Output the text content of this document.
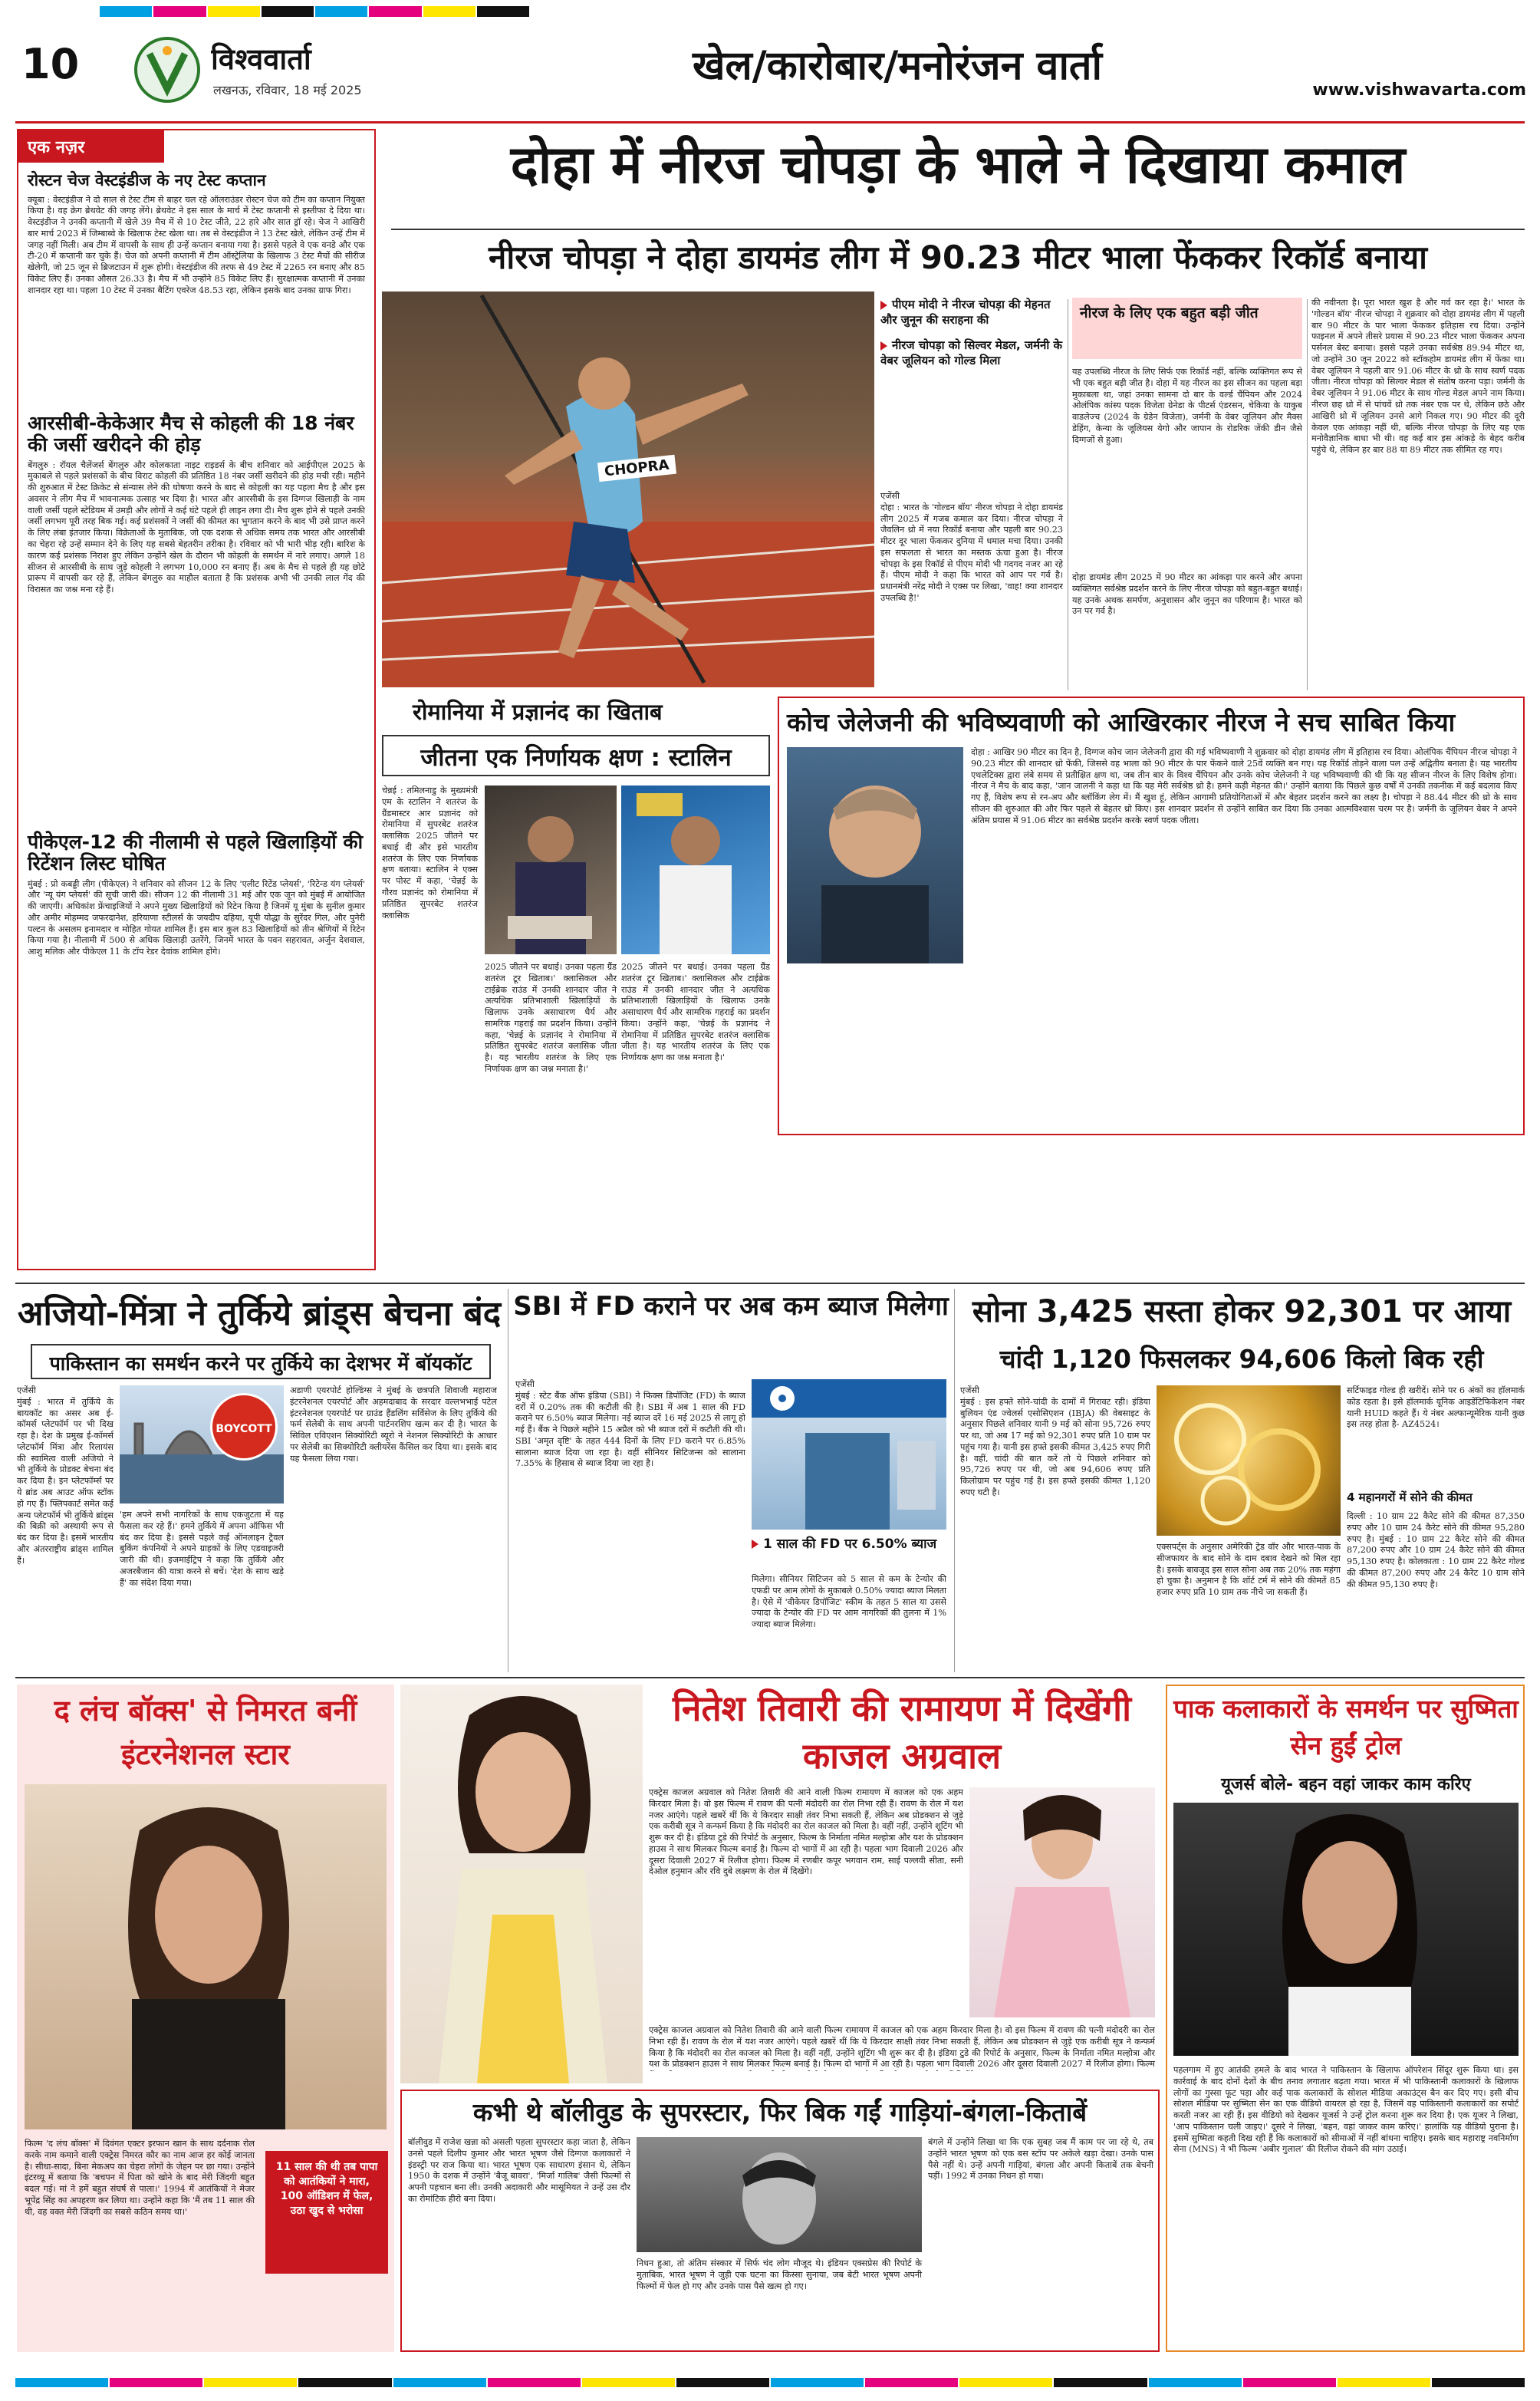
10	विश्ववार्ता
लखनऊ, रविवार, 18 मई 2025
खेल/कारोबार/मनोरंजन वार्ता
www.vishwavarta.com
एक नज़र
रोस्टन चेज वेस्टइंडीज के नए टेस्ट कप्तान
क्यूबा : वेस्टइंडीज ने दो साल से टेस्ट टीम से बाहर चल रहे ऑलराउंडर रोस्टन चेज को टीम का कप्तान नियुक्त किया है। वह क्रेग ब्रेथवेट की जगह लेंगे। ब्रेथवेट ने इस साल के मार्च में टेस्ट कप्तानी से इस्तीफा दे दिया था। वेस्टइंडीज ने उनकी कप्तानी में खेले 39 मैच में से 10 टेस्ट जीते, 22 हारे और सात ड्रॉ रहे। चेज ने आखिरी बार मार्च 2023 में जिम्बाब्वे के खिलाफ टेस्ट खेला था। तब से वेस्टइंडीज ने 13 टेस्ट खेले, लेकिन उन्हें टीम में जगह नहीं मिली। अब टीम में वापसी के साथ ही उन्हें कप्तान बनाया गया है। इससे पहले वे एक वनडे और एक टी-20 में कप्तानी कर चुके हैं। चेज को अपनी कप्तानी में टीम ऑस्ट्रेलिया के खिलाफ 3 टेस्ट मैचों की सीरीज खेलेगी, जो 25 जून से ब्रिजटाउन में शुरू होगी। वेस्टइंडीज की तरफ से 49 टेस्ट में 2265 रन बनाए और 85 विकेट लिए हैं। उनका औसत 26.33 है। मैच में भी उन्होंने 85 विकेट लिए हैं। सुरक्षात्मक कप्तानी में उनका शानदार रहा था। पहला 10 टेस्ट में उनका बैटिंग एवरेज 48.53 रहा, लेकिन इसके बाद उनका ग्राफ गिरा।
आरसीबी-केकेआर मैच से कोहली की 18 नंबर की जर्सी खरीदने की होड़
बेंगलुरु : रॉयल चैलेंजर्स बेंगलुरु और कोलकाता नाइट राइडर्स के बीच शनिवार को आईपीएल 2025 के मुकाबले से पहले प्रशंसकों के बीच विराट कोहली की प्रतिष्ठित 18 नंबर जर्सी खरीदने की होड़ मची रही। महीने की शुरुआत में टेस्ट क्रिकेट से संन्यास लेने की घोषणा करने के बाद से कोहली का यह पहला मैच है और इस अवसर ने लीग मैच में भावनात्मक उत्साह भर दिया है। भारत और आरसीबी के इस दिग्गज खिलाड़ी के नाम वाली जर्सी पहले स्टेडियम में उमड़ी और लोगों ने कई घंटे पहले ही लाइन लगा दी। मैच शुरू होने से पहले उनकी जर्सी लगभग पूरी तरह बिक गई। कई प्रशंसकों ने जर्सी की कीमत का भुगतान करने के बाद भी उसे प्राप्त करने के लिए लंबा इंतजार किया। विक्रेताओं के मुताबिक, जो एक दशक से अधिक समय तक भारत और आरसीबी का चेहरा रहे उन्हें सम्मान देने के लिए यह सबसे बेहतरीन तरीका है। रविवार को भी भारी भीड़ रही। बारिश के कारण कई प्रशंसक निराश हुए लेकिन उन्होंने खेल के दौरान भी कोहली के समर्थन में नारे लगाए। अगले 18 सीजन से आरसीबी के साथ जुड़े कोहली ने लगभग 10,000 रन बनाए हैं। अब के मैच से पहले ही यह छोटे प्रारूप में वापसी कर रहे हैं, लेकिन बेंगलुरु का माहौल बताता है कि प्रशंसक अभी भी उनकी लाल गेंद की विरासत का जश्न मना रहे हैं।
पीकेएल-12 की नीलामी से पहले खिलाड़ियों की रिटेंशन लिस्ट घोषित
मुंबई : प्रो कबड्डी लीग (पीकेएल) ने शनिवार को सीजन 12 के लिए 'एलीट रिटेंड प्लेयर्स', 'रिटेन्ड यंग प्लेयर्स' और 'न्यू यंग प्लेयर्स' की सूची जारी की। सीजन 12 की नीलामी 31 मई और एक जून को मुंबई में आयोजित की जाएगी। अधिकांश फ्रेंचाइजियों ने अपने मुख्य खिलाड़ियों को रिटेन किया है जिनमें यू मुंबा के सुनील कुमार और अमीर मोहम्मद जफरदानेश, हरियाणा स्टीलर्स के जयदीप दहिया, यूपी योद्धा के सुरेंदर गिल, और पुनेरी पल्टन के असलम इनामदार व मोहित गोयत शामिल हैं। इस बार कुल 83 खिलाड़ियों को तीन श्रेणियों में रिटेन किया गया है। नीलामी में 500 से अधिक खिलाड़ी उतरेंगे, जिनमें भारत के पवन सहरावत, अर्जुन देशवाल, आशु मलिक और पीकेएल 11 के टॉप रेडर देवांक शामिल होंगे।
दोहा में नीरज चोपड़ा के भाले ने दिखाया कमाल
नीरज चोपड़ा ने दोहा डायमंड लीग में 90.23 मीटर भाला फेंककर रिकॉर्ड बनाया
CHOPRA
पीएम मोदी ने नीरज चोपड़ा की मेहनत और जुनून की सराहना की
नीरज चोपड़ा को सिल्वर मेडल, जर्मनी के वेबर जूलियन को गोल्ड मिला
एजेंसी
दोहा : भारत के 'गोल्डन बॉय' नीरज चोपड़ा ने दोहा डायमंड लीग 2025 में गजब कमाल कर दिया। नीरज चोपड़ा ने जैवलिन थ्रो में नया रिकॉर्ड बनाया और पहली बार 90.23 मीटर दूर भाला फेंककर दुनिया में धमाल मचा दिया। उनकी इस सफलता से भारत का मस्तक ऊंचा हुआ है। नीरज चोपड़ा के इस रिकॉर्ड से पीएम मोदी भी गदगद नजर आ रहे हैं। पीएम मोदी ने कहा कि भारत को आप पर गर्व है। प्रधानमंत्री नरेंद्र मोदी ने एक्स पर लिखा, 'वाह! क्या शानदार उपलब्धि है!'
नीरज के लिए एक बहुत बड़ी जीत
यह उपलब्धि नीरज के लिए सिर्फ एक रिकॉर्ड नहीं, बल्कि व्यक्तिगत रूप से भी एक बहुत बड़ी जीत है। दोहा में यह नीरज का इस सीजन का पहला बड़ा मुकाबला था, जहां उनका सामना दो बार के वर्ल्ड चैंपियन और 2024 ओलंपिक कांस्य पदक विजेता ग्रेनेडा के पीटर्स एंडरसन, चेकिया के याकुब वाडलेज्च (2024 के ग्रेडेन विजेता), जर्मनी के वेबर जूलियन और मैक्स डेहिंग, केन्या के जूलियस येगो और जापान के रोडरिक जेंकी डीन जैसे दिग्गजों से हुआ।
दोहा डायमंड लीग 2025 में 90 मीटर का आंकड़ा पार करने और अपना व्यक्तिगत सर्वश्रेष्ठ प्रदर्शन करने के लिए नीरज चोपड़ा को बहुत-बहुत बधाई। यह उनके अथक समर्पण, अनुशासन और जुनून का परिणाम है। भारत को उन पर गर्व है।
की नवीनता है। पूरा भारत खुश है और गर्व कर रहा है।' भारत के 'गोल्डन बॉय' नीरज चोपड़ा ने शुक्रवार को दोहा डायमंड लीग में पहली बार 90 मीटर के पार भाला फेंककर इतिहास रच दिया। उन्होंने फाइनल में अपने तीसरे प्रयास में 90.23 मीटर भाला फेंककर अपना पर्सनल बेस्ट बनाया। इससे पहले उनका सर्वश्रेष्ठ 89.94 मीटर था, जो उन्होंने 30 जून 2022 को स्टॉकहोम डायमंड लीग में फेंका था। वेबर जूलियन ने पहली बार 91.06 मीटर के थ्रो के साथ स्वर्ण पदक जीता। नीरज चोपड़ा को सिल्वर मेडल से संतोष करना पड़ा। जर्मनी के वेबर जूलियन ने 91.06 मीटर के साथ गोल्ड मेडल अपने नाम किया। नीरज छह थ्रो में से पांचवें थ्रो तक नंबर एक पर थे, लेकिन छठे और आखिरी थ्रो में जूलियन उनसे आगे निकल गए। 90 मीटर की दूरी केवल एक आंकड़ा नहीं थी, बल्कि नीरज चोपड़ा के लिए यह एक मनोवैज्ञानिक बाधा भी थी। वह कई बार इस आंकड़े के बेहद करीब पहुंचे थे, लेकिन हर बार 88 या 89 मीटर तक सीमित रह गए।
रोमानिया में प्रज्ञानंद का खिताब
जीतना एक निर्णायक क्षण : स्टालिन
चेन्नई : तमिलनाडु के मुख्यमंत्री एम के स्टालिन ने शतरंज के ग्रैंडमास्टर आर प्रज्ञानंद को रोमानिया में सुपरबेट शतरंज क्लासिक 2025 जीतने पर बधाई दी और इसे भारतीय शतरंज के लिए एक निर्णायक क्षण बताया। स्टालिन ने एक्स पर पोस्ट में कहा, 'चेन्नई के गौरव प्रज्ञानंद को रोमानिया में प्रतिष्ठित सुपरबेट शतरंज क्लासिक
2025 जीतने पर बधाई। उनका पहला ग्रैंड शतरंज टूर खिताब।' क्लासिकल और टाईब्रेक राउंड में उनकी शानदार जीत ने अत्यधिक प्रतिभाशाली खिलाड़ियों के खिलाफ उनके असाधारण धैर्य और सामरिक गहराई का प्रदर्शन किया। उन्होंने कहा, 'चेन्नई के प्रज्ञानंद ने रोमानिया में प्रतिष्ठित सुपरबेट शतरंज क्लासिक जीता है। यह भारतीय शतरंज के लिए एक निर्णायक क्षण का जश्न मनाता है।'
2025 जीतने पर बधाई। उनका पहला ग्रैंड शतरंज टूर खिताब।' क्लासिकल और टाईब्रेक राउंड में उनकी शानदार जीत ने अत्यधिक प्रतिभाशाली खिलाड़ियों के खिलाफ उनके असाधारण धैर्य और सामरिक गहराई का प्रदर्शन किया। उन्होंने कहा, 'चेन्नई के प्रज्ञानंद ने रोमानिया में प्रतिष्ठित सुपरबेट शतरंज क्लासिक जीता है। यह भारतीय शतरंज के लिए एक निर्णायक क्षण का जश्न मनाता है।'
कोच जेलेजनी की भविष्यवाणी को आखिरकार नीरज ने सच साबित किया
दोहा : आखिर 90 मीटर का दिन है, दिग्गज कोच जान जेलेजनी द्वारा की गई भविष्यवाणी ने शुक्रवार को दोहा डायमंड लीग में इतिहास रच दिया। ओलंपिक चैंपियन नीरज चोपड़ा ने 90.23 मीटर की शानदार थ्रो फेंकी, जिससे वह भाला को 90 मीटर के पार फेंकने वाले 25वें व्यक्ति बन गए। यह रिकॉर्ड तोड़ने वाला पल उन्हें अद्वितीय बनाता है। यह भारतीय एथलेटिक्स द्वारा लंबे समय से प्रतीक्षित क्षण था, जब तीन बार के विश्व चैंपियन और उनके कोच जेलेजनी ने यह भविष्यवाणी की थी कि यह सीजन नीरज के लिए विशेष होगा। नीरज ने मैच के बाद कहा, 'जान जालनी ने कहा था कि यह मेरी सर्वश्रेष्ठ थ्रो है। हमने कड़ी मेहनत की।' उन्होंने बताया कि पिछले कुछ वर्षों में उनकी तकनीक में कई बदलाव किए गए हैं, विशेष रूप से रन-अप और ब्लॉकिंग लेग में। मैं खुश हूं, लेकिन आगामी प्रतियोगिताओं में और बेहतर प्रदर्शन करने का लक्ष्य है। चोपड़ा ने 88.44 मीटर की थ्रो के साथ सीजन की शुरुआत की और फिर पहले से बेहतर थ्रो किए। इस शानदार प्रदर्शन से उन्होंने साबित कर दिया कि उनका आत्मविश्वास चरम पर है। जर्मनी के जूलियन वेबर ने अपने अंतिम प्रयास में 91.06 मीटर का सर्वश्रेष्ठ प्रदर्शन करके स्वर्ण पदक जीता।
अजियो-मिंत्रा ने तुर्किये ब्रांड्स बेचना बंद
पाकिस्तान का समर्थन करने पर तुर्किये का देशभर में बॉयकॉट
एजेंसी
मुंबई : भारत में तुर्किये के बायकॉट का असर अब ई-कॉमर्स प्लेटफॉर्म पर भी दिख रहा है। देश के प्रमुख ई-कॉमर्स प्लेटफॉर्म मिंत्रा और रिलायंस की स्वामित्व वाली अजियो ने भी तुर्किये के प्रोडक्ट बेचना बंद कर दिया है। इन प्लेटफॉर्म्स पर ये ब्रांड अब आउट ऑफ स्टॉक हो गए हैं। फ्लिपकार्ट समेत कई अन्य प्लेटफॉर्म भी तुर्किये ब्रांड्स की बिक्री को अस्थायी रूप से बंद कर दिया है। इसमें भारतीय और अंतरराष्ट्रीय ब्रांड्स शामिल हैं।
BOYCOTT
'हम अपने सभी नागरिकों के साथ एकजुटता में यह फैसला कर रहे हैं।' हमने तुर्किये में अपना ऑफिस भी बंद कर दिया है। इससे पहले कई ऑनलाइन ट्रैवल बुकिंग कंपनियों ने अपने ग्राहकों के लिए एडवाइजरी जारी की थी। इजमाईट्रिप ने कहा कि तुर्किये और अजरबैजान की यात्रा करने से बचें। 'देश के साथ खड़े हैं' का संदेश दिया गया।
अडाणी एयरपोर्ट होल्डिंग्स ने मुंबई के छत्रपति शिवाजी महाराज इंटरनेशनल एयरपोर्ट और अहमदाबाद के सरदार वल्लभभाई पटेल इंटरनेशनल एयरपोर्ट पर ग्राउंड हैंडलिंग सर्विसेज के लिए तुर्किये की फर्म सेलेबी के साथ अपनी पार्टनरशिप खत्म कर दी है। भारत के सिविल एविएशन सिक्योरिटी ब्यूरो ने नेशनल सिक्योरिटी के आधार पर सेलेबी का सिक्योरिटी क्लीयरेंस कैंसिल कर दिया था। इसके बाद यह फैसला लिया गया।
SBI में FD कराने पर अब कम ब्याज मिलेगा
एजेंसी
मुंबई : स्टेट बैंक ऑफ इंडिया (SBI) ने फिक्स डिपॉजिट (FD) के ब्याज दरों में 0.20% तक की कटौती की है। SBI में अब 1 साल की FD कराने पर 6.50% ब्याज मिलेगा। नई ब्याज दरें 16 मई 2025 से लागू हो गई हैं। बैंक ने पिछले महीने 15 अप्रैल को भी ब्याज दरों में कटौती की थी। SBI 'अमृत वृष्टि' के तहत 444 दिनों के लिए FD कराने पर 6.85% सालाना ब्याज दिया जा रहा है। वहीं सीनियर सिटिजन्स को सालाना 7.35% के हिसाब से ब्याज दिया जा रहा है।
1 साल की FD पर 6.50% ब्याज
मिलेगा। सीनियर सिटिजन को 5 साल से कम के टेन्योर की एफडी पर आम लोगों के मुकाबले 0.50% ज्यादा ब्याज मिलता है। ऐसे में 'वीकेयर डिपॉजिट' स्कीम के तहत 5 साल या उससे ज्यादा के टेन्योर की FD पर आम नागरिकों की तुलना में 1% ज्यादा ब्याज मिलेगा।
सोना 3,425 सस्ता होकर 92,301 पर आया
चांदी 1,120 फिसलकर 94,606 किलो बिक रही
एजेंसी
मुंबई : इस हफ्ते सोने-चांदी के दामों में गिरावट रही। इंडिया बुलियन एंड ज्वेलर्स एसोसिएशन (IBJA) की वेबसाइट के अनुसार पिछले शनिवार यानी 9 मई को सोना 95,726 रुपए पर था, जो अब 17 मई को 92,301 रुपए प्रति 10 ग्राम पर पहुंच गया है। यानी इस हफ्ते इसकी कीमत 3,425 रुपए गिरी है। वहीं, चांदी की बात करें तो ये पिछले शनिवार को 95,726 रुपए पर थी, जो अब 94,606 रुपए प्रति किलोग्राम पर पहुंच गई है। इस हफ्ते इसकी कीमत 1,120 रुपए घटी है।
एक्सपर्ट्स के अनुसार अमेरिकी ट्रेड वॉर और भारत-पाक के सीजफायर के बाद सोने के दाम दबाव देखने को मिल रहा है। इसके बावजूद इस साल सोना अब तक 20% तक महंगा हो चुका है। अनुमान है कि शॉर्ट टर्म में सोने की कीमतें 85 हजार रुपए प्रति 10 ग्राम तक नीचे जा सकती हैं।
सर्टिफाइड गोल्ड ही खरीदें। सोने पर 6 अंकों का हॉलमार्क कोड रहता है। इसे हॉलमार्क यूनिक आइडेंटिफिकेशन नंबर यानी HUID कहते हैं। ये नंबर अल्फान्यूमेरिक यानी कुछ इस तरह होता है- AZ4524।
4 महानगरों में सोने की कीमत
दिल्ली : 10 ग्राम 22 कैरेट सोने की कीमत 87,350 रुपए और 10 ग्राम 24 कैरेट सोने की कीमत 95,280 रुपए है। मुंबई : 10 ग्राम 22 कैरेट सोने की कीमत 87,200 रुपए और 10 ग्राम 24 कैरेट सोने की कीमत 95,130 रुपए है। कोलकाता : 10 ग्राम 22 कैरेट गोल्ड की कीमत 87,200 रुपए और 24 कैरेट 10 ग्राम सोने की कीमत 95,130 रुपए है।
द लंच बॉक्स' से निमरत बनीं इंटरनेशनल स्टार
फिल्म 'द लंच बॉक्स' में दिवंगत एक्टर इरफान खान के साथ दर्दनाक रोल करके नाम कमाने वाली एक्ट्रेस निमरत कौर का नाम आज हर कोई जानता है। सीधा-सादा, बिना मेकअप का चेहरा लोगों के जेहन पर छा गया। उन्होंने इंटरव्यू में बताया कि 'बचपन में पिता को खोने के बाद मेरी जिंदगी बहुत बदल गई। मां ने हमें बहुत संघर्ष से पाला।' 1994 में आतंकियों ने मेजर भूपेंद्र सिंह का अपहरण कर लिया था। उन्होंने कहा कि 'मैं तब 11 साल की थी, वह वक्त मेरी जिंदगी का सबसे कठिन समय था।'
11 साल की थी तब पापा को आतंकियों ने मारा, 100 ऑडिशन में फेल, उठा खुद से भरोसा
नितेश तिवारी की रामायण में दिखेंगी काजल अग्रवाल
एक्ट्रेस काजल अग्रवाल को नितेश तिवारी की आने वाली फिल्म रामायण में काजल को एक अहम किरदार मिला है। वो इस फिल्म में रावण की पत्नी मंदोदरी का रोल निभा रही हैं। रावण के रोल में यश नजर आएंगे। पहले खबरें थीं कि ये किरदार साक्षी तंवर निभा सकती हैं, लेकिन अब प्रोडक्शन से जुड़े एक करीबी सूत्र ने कन्फर्म किया है कि मंदोदरी का रोल काजल को मिला है। वहीं नहीं, उन्होंने शूटिंग भी शुरू कर दी है। इंडिया टुडे की रिपोर्ट के अनुसार, फिल्म के निर्माता नमित मल्होत्रा और यश के प्रोडक्शन हाउस ने साथ मिलकर फिल्म बनाई है। फिल्म दो भागों में आ रही है। पहला भाग दिवाली 2026 और दूसरा दिवाली 2027 में रिलीज होगा। फिल्म में रणबीर कपूर भगवान राम, साई पल्लवी सीता, सनी देओल हनुमान और रवि दुबे लक्ष्मण के रोल में दिखेंगे।
एक्ट्रेस काजल अग्रवाल को नितेश तिवारी की आने वाली फिल्म रामायण में काजल को एक अहम किरदार मिला है। वो इस फिल्म में रावण की पत्नी मंदोदरी का रोल निभा रही हैं। रावण के रोल में यश नजर आएंगे। पहले खबरें थीं कि ये किरदार साक्षी तंवर निभा सकती हैं, लेकिन अब प्रोडक्शन से जुड़े एक करीबी सूत्र ने कन्फर्म किया है कि मंदोदरी का रोल काजल को मिला है। वहीं नहीं, उन्होंने शूटिंग भी शुरू कर दी है। इंडिया टुडे की रिपोर्ट के अनुसार, फिल्म के निर्माता नमित मल्होत्रा और यश के प्रोडक्शन हाउस ने साथ मिलकर फिल्म बनाई है। फिल्म दो भागों में आ रही है। पहला भाग दिवाली 2026 और दूसरा दिवाली 2027 में रिलीज होगा। फिल्म
कभी थे बॉलीवुड के सुपरस्टार, फिर बिक गईं गाड़ियां-बंगला-किताबें
बॉलीवुड में राजेश खन्ना को असली पहला सुपरस्टार कहा जाता है, लेकिन उनसे पहले दिलीप कुमार और भारत भूषण जैसे दिग्गज कलाकारों ने इंडस्ट्री पर राज किया था। भारत भूषण एक साधारण इंसान थे, लेकिन 1950 के दशक में उन्होंने 'बैजू बावरा', 'मिर्जा गालिब' जैसी फिल्मों से अपनी पहचान बना ली। उनकी अदाकारी और मासूमियत ने उन्हें उस दौर का रोमांटिक हीरो बना दिया।
निधन हुआ, तो अंतिम संस्कार में सिर्फ चंद लोग मौजूद थे। इंडियन एक्सप्रेस की रिपोर्ट के मुताबिक, भारत भूषण ने जुड़ी एक घटना का किस्सा सुनाया, जब बेटी भारत भूषण अपनी फिल्मों में फेल हो गए और उनके पास पैसे खत्म हो गए।
बंगले में उन्होंने लिखा था कि एक सुबह जब मैं काम पर जा रहे थे, तब उन्होंने भारत भूषण को एक बस स्टॉप पर अकेले खड़ा देखा। उनके पास पैसे नहीं थे। उन्हें अपनी गाड़ियां, बंगला और अपनी किताबें तक बेचनी पड़ीं। 1992 में उनका निधन हो गया।
पाक कलाकारों के समर्थन पर सुष्मिता सेन हुईं ट्रोल
यूजर्स बोले- बहन वहां जाकर काम करिए
पहलगाम में हुए आतंकी हमले के बाद भारत ने पाकिस्तान के खिलाफ ऑपरेशन सिंदूर शुरू किया था। इस कार्रवाई के बाद दोनों देशों के बीच तनाव लगातार बढ़ता गया। भारत में भी पाकिस्तानी कलाकारों के खिलाफ लोगों का गुस्सा फूट पड़ा और कई पाक कलाकारों के सोशल मीडिया अकाउंट्स बैन कर दिए गए। इसी बीच सोशल मीडिया पर सुष्मिता सेन का एक वीडियो वायरल हो रहा है, जिसमें वह पाकिस्तानी कलाकारों का सपोर्ट करती नजर आ रही हैं। इस वीडियो को देखकर यूजर्स ने उन्हें ट्रोल करना शुरू कर दिया है। एक यूजर ने लिखा, 'आप पाकिस्तान चली जाइए।' दूसरे ने लिखा, 'बहन, वहां जाकर काम करिए।' हालांकि यह वीडियो पुराना है। इसमें सुष्मिता कहती दिख रही हैं कि कलाकारों को सीमाओं में नहीं बांधना चाहिए। इसके बाद महाराष्ट्र नवनिर्माण सेना (MNS) ने भी फिल्म ‘अबीर गुलाल’ की रिलीज रोकने की मांग उठाई।
